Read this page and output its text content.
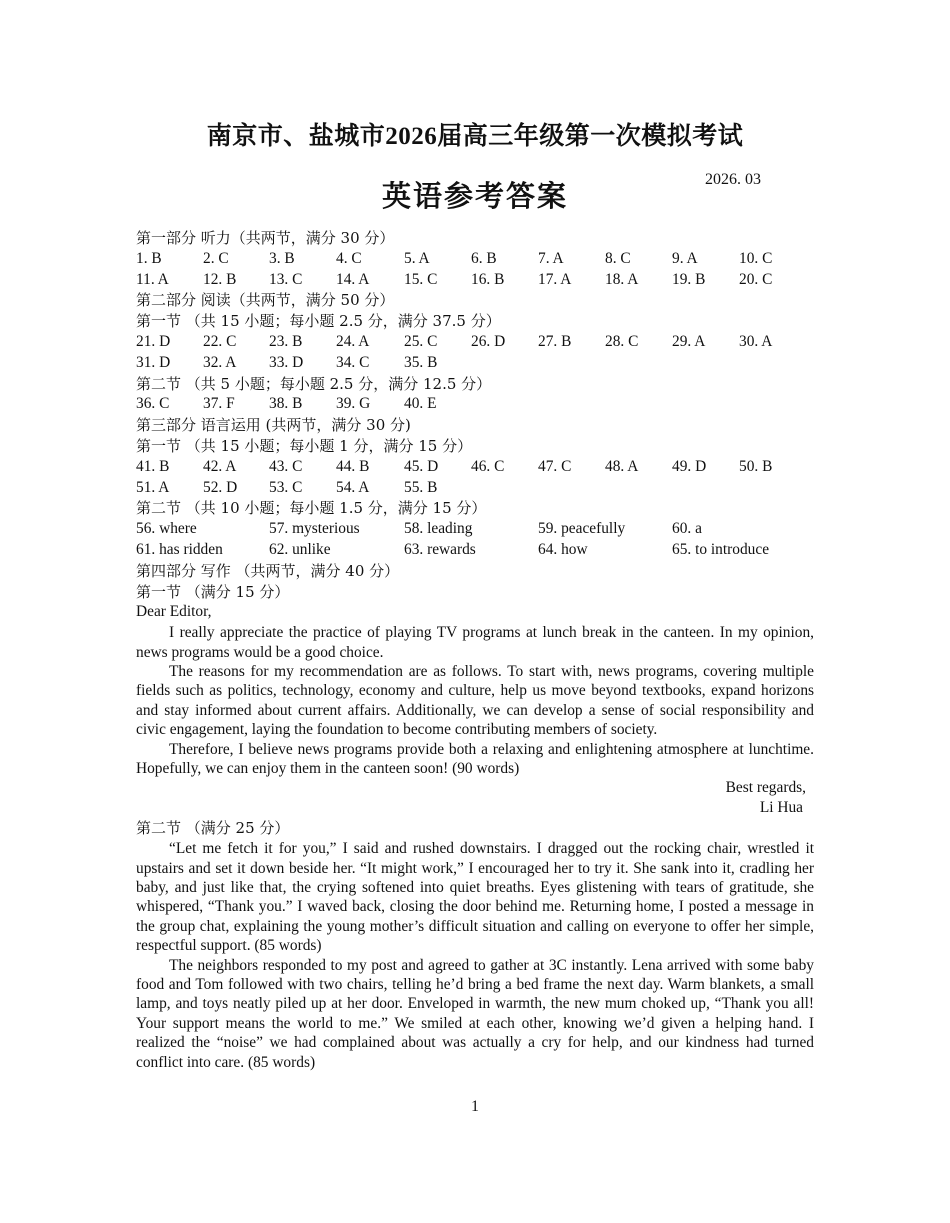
南京市、盐城市2026届高三年级第一次模拟考试
英语参考答案
2026. 03
第一部分 听力（共两节，满分 30 分）
1. B	2. C	3. B	4. C	5. A	6. B	7. A	8. C	9. A	10. C
11. A 12. B 13. C 14. A 15. C 16. B 17. A 18. A 19. B 20. C
第二部分 阅读（共两节，满分 50 分）
第一节 （共 15 小题；每小题 2.5 分，满分 37.5 分）
21. D 22. C 23. B 24. A 25. C 26. D 27. B 28. C 29. A 30. A
31. D 32. A 33. D 34. C 35. B
第二节 （共 5 小题；每小题 2.5 分，满分 12.5 分）
36. C 37. F 38. B 39. G 40. E
第三部分 语言运用 (共两节，满分 30 分)
第一节 （共 15 小题；每小题 1 分，满分 15 分）
41. B 42. A 43. C 44. B 45. D 46. C 47. C 48. A 49. D 50. B
51. A 52. D 53. C 54. A 55. B
第二节 （共 10 小题；每小题 1.5 分，满分 15 分）
56. where	57. mysterious	58. leading	59. peacefully	60. a
61. has ridden	62. unlike	63. rewards	64. how	65. to introduce
第四部分 写作 （共两节，满分 40 分）
第一节 （满分 15 分）
Dear Editor,

I really appreciate the practice of playing TV programs at lunch break in the canteen. In my opinion, news programs would be a good choice.

The reasons for my recommendation are as follows. To start with, news programs, covering multiple fields such as politics, technology, economy and culture, help us move beyond textbooks, expand horizons and stay informed about current affairs. Additionally, we can develop a sense of social responsibility and civic engagement, laying the foundation to become contributing members of society.

Therefore, I believe news programs provide both a relaxing and enlightening atmosphere at lunchtime. Hopefully, we can enjoy them in the canteen soon! (90 words)

Best regards,
Li Hua
第二节 （满分 25 分）

“Let me fetch it for you,” I said and rushed downstairs. I dragged out the rocking chair, wrestled it upstairs and set it down beside her. “It might work,” I encouraged her to try it. She sank into it, cradling her baby, and just like that, the crying softened into quiet breaths. Eyes glistening with tears of gratitude, she whispered, “Thank you.” I waved back, closing the door behind me. Returning home, I posted a message in the group chat, explaining the young mother’s difficult situation and calling on everyone to offer her simple, respectful support. (85 words)

The neighbors responded to my post and agreed to gather at 3C instantly. Lena arrived with some baby food and Tom followed with two chairs, telling he’d bring a bed frame the next day. Warm blankets, a small lamp, and toys neatly piled up at her door. Enveloped in warmth, the new mum choked up, “Thank you all! Your support means the world to me.” We smiled at each other, knowing we’d given a helping hand. I realized the “noise” we had complained about was actually a cry for help, and our kindness had turned conflict into care. (85 words)

1
